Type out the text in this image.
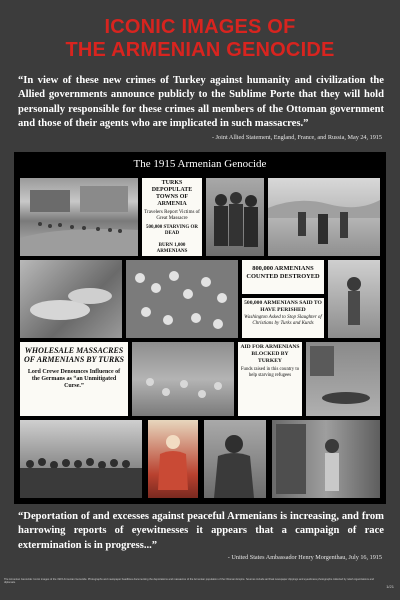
ICONIC IMAGES OF
THE ARMENIAN GENOCIDE
“In view of these new crimes of Turkey against humanity and civilization the Allied governments announce publicly to the Sublime Porte that they will hold personally responsible for these crimes all members of the Ottoman government and those of their agents who are implicated in such massacres.”
- Joint Allied Statement, England, France, and Russia, May 24, 1915
The 1915 Armenian Genocide
TURKS DEPOPULATE TOWNS OF ARMENIA
Travelers Report Victims of Great Massacre
500,000 STARVING OR DEAD
BURN 1,000 ARMENIANS
800,000 ARMENIANS COUNTED DESTROYED
500,000 ARMENIANS SAID TO HAVE PERISHED
Washington Asked to Stop Slaughter of Christians by Turks and Kurds
WHOLESALE MASSACRES OF ARMENIANS BY TURKS
Lord Crewe Denounces Influence of the Germans as “an Unmitigated Curse.”
AID FOR ARMENIANS BLOCKED BY TURKEY
Funds raised in this country to help starving refugees
“Deportation of and excesses against peaceful Armenians is increasing, and from harrowing reports of eyewitnesses it appears that a campaign of race extermination is in progress...”
- United States Ambassador Henry Morgenthau, July 16, 1915
The Armenian Genocide: Iconic images of the 1915 Armenian Genocide. Photographs and newspaper headlines documenting the deportations and massacres of the Armenian population of the Ottoman Empire. Sources include archival newspaper clippings and eyewitness photographs collected by relief organizations and diplomats.
1/21
